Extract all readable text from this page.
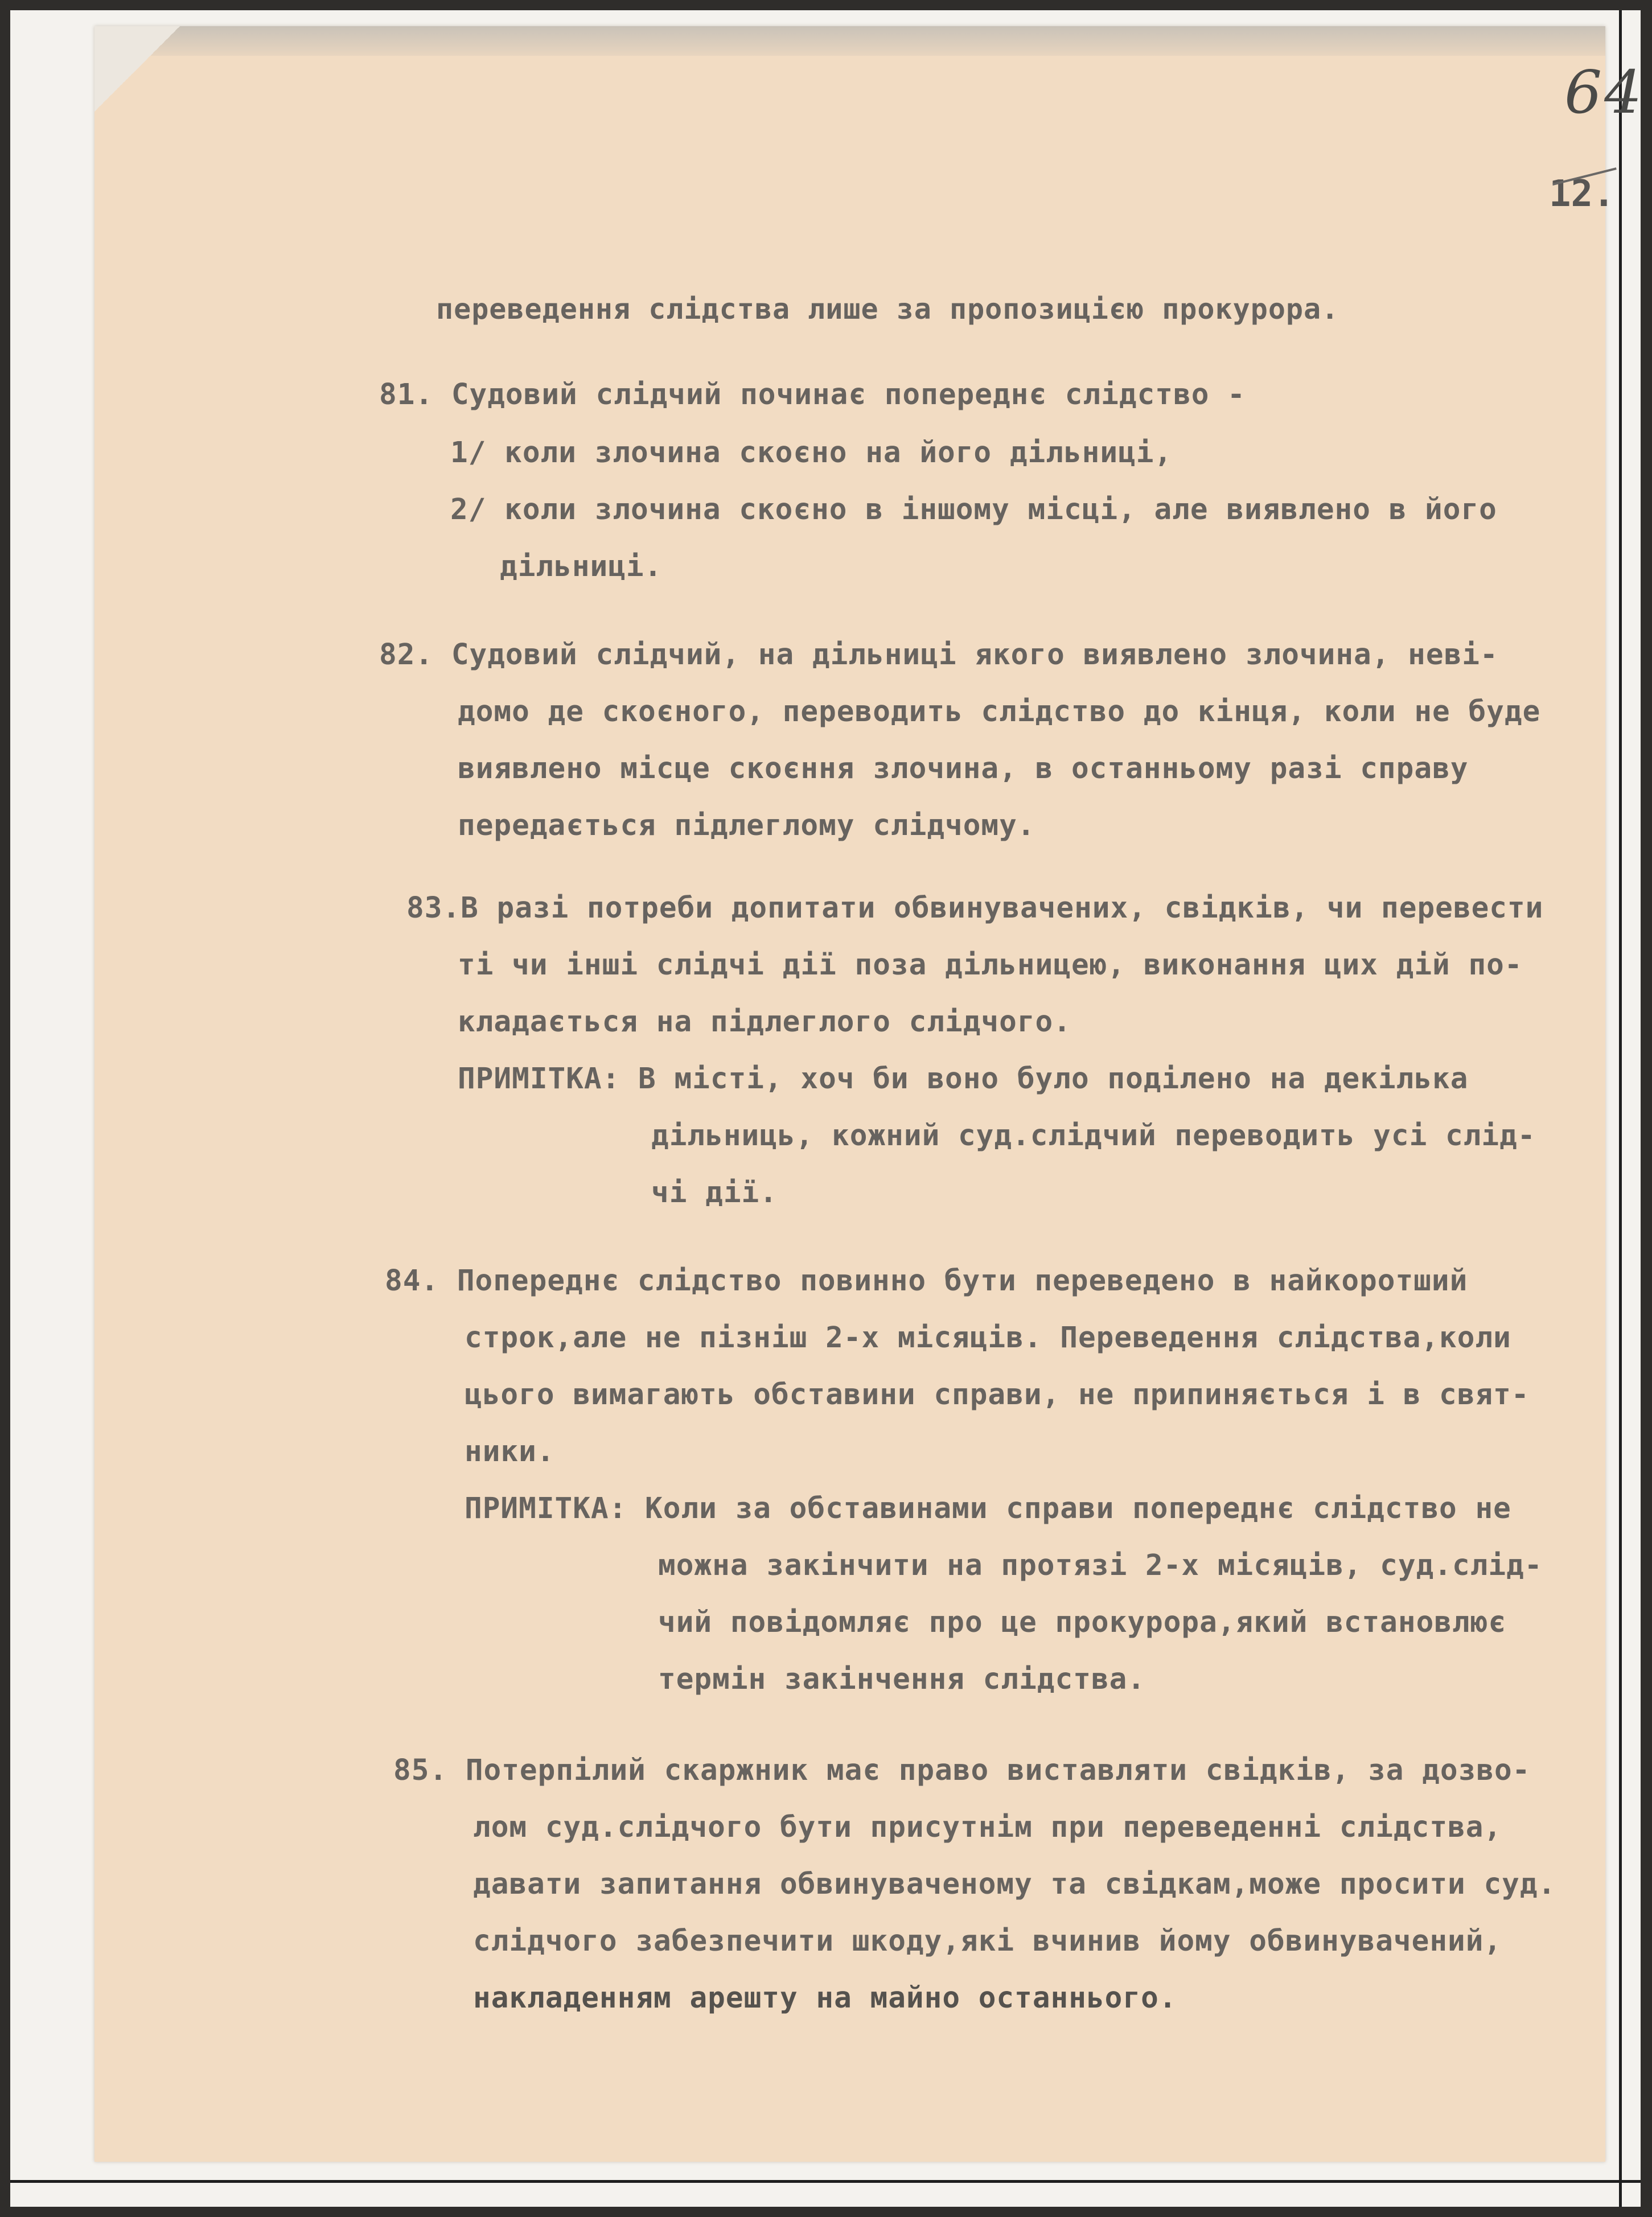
64
12.
переведення слідства лише за пропозицією прокурора.
81. Судовий слідчий починає попереднє слідство -
1/ коли злочина скоєно на його дільниці,
2/ коли злочина скоєно в іншому місці, але виявлено в його
дільниці.
82. Судовий слідчий, на дільниці якого виявлено злочина, неві-
домо де скоєного, переводить слідство до кінця, коли не буде
виявлено місце скоєння злочина, в останньому разі справу
передається підлеглому слідчому.
83.В разі потреби допитати обвинувачених, свідків, чи перевести
ті чи інші слідчі дії поза дільницею, виконання цих дій по-
кладається на підлеглого слідчого.
ПРИМІТКА: В місті, хоч би воно було поділено на декілька
дільниць, кожний суд.слідчий переводить усі слід-
чі дії.
84. Попереднє слідство повинно бути переведено в найкоротший
строк,але не пізніш 2-х місяців. Переведення слідства,коли
цього вимагають обставини справи, не припиняється і в свят-
ники.
ПРИМІТКА: Коли за обставинами справи попереднє слідство не
можна закінчити на протязі 2-х місяців, суд.слід-
чий повідомляє про це прокурора,який встановлює
термін закінчення слідства.
85. Потерпілий скаржник має право виставляти свідків, за дозво-
лом суд.слідчого бути присутнім при переведенні слідства,
давати запитання обвинуваченому та свідкам,може просити суд.
слідчого забезпечити шкоду,які вчинив йому обвинувачений,
накладенням арешту на майно останнього.
